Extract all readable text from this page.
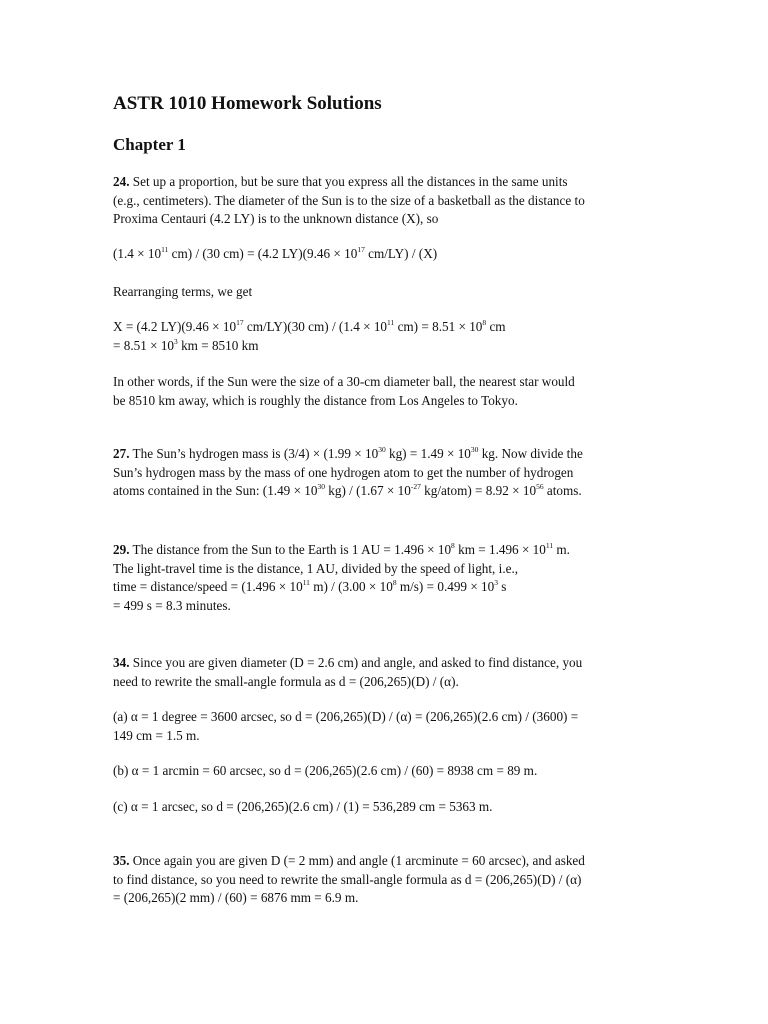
ASTR 1010 Homework Solutions
Chapter 1
24. Set up a proportion, but be sure that you express all the distances in the same units
(e.g., centimeters). The diameter of the Sun is to the size of a basketball as the distance to
Proxima Centauri (4.2 LY) is to the unknown distance (X), so
($1.4 \times 10^{11}$ cm) / (30 cm) = (4.2 $LY)(9.46 \times 10^{17}$ cm/LY) / (X)
Rearranging terms, we get
X = (4.2 $LY)(9.46 \times 10^{17}$ cm/LY)(30 $cm) / (1.4 \times 10^{11}$ $cm) = 8.51 \times 10^8$ cm
= $8.51 \times 10^3$ km = 8510 km
In other words, if the Sun were the size of a 30-cm diameter ball, the nearest star would
be 8510 km away, which is roughly the distance from Los Angeles to Tokyo.
27. The Sun’s hydrogen mass is $(3/4) \times (1.99 \times 10^{30}$ $kg) = 1.49 \times 10^{30}$ kg. Now divide the
Sun’s hydrogen mass by the mass of one hydrogen atom to get the number of hydrogen
atoms contained in the Sun: ($1.49 \times 10^{30}$ $kg) / (1.67 \times 10^{-27}$ kg/atom) = $8.92 \times 10^{56}$ atoms.
29. The distance from the Sun to the Earth is 1 AU = $1.496 \times 10^8$ km = $1.496 \times 10^{11}$ m.
The light-travel time is the distance, 1 AU, divided by the speed of light, i.e.,
time = distance/speed = ($1.496 \times 10^{11}$ $m) / (3.00 \times 10^8$ $m/s) = 0.499 \times 10^3$ s
= 499 s = 8.3 minutes.
34. Since you are given diameter (D = 2.6 cm) and angle, and asked to find distance, you
need to rewrite the small-angle formula as d = (206,265)(D) / (α).
(a) α = 1 degree = 3600 arcsec, so d = (206,265)(D) / (α) = (206,265)(2.6 cm) / (3600) =
149 cm = 1.5 m.
(b) α = 1 arcmin = 60 arcsec, so d = (206,265)(2.6 cm) / (60) = 8938 cm = 89 m.
(c) α = 1 arcsec, so d = (206,265)(2.6 cm) / (1) = 536,289 cm = 5363 m.
35. Once again you are given D (= 2 mm) and angle (1 arcminute = 60 arcsec), and asked
to find distance, so you need to rewrite the small-angle formula as d = (206,265)(D) / (α)
= (206,265)(2 mm) / (60) = 6876 mm = 6.9 m.
